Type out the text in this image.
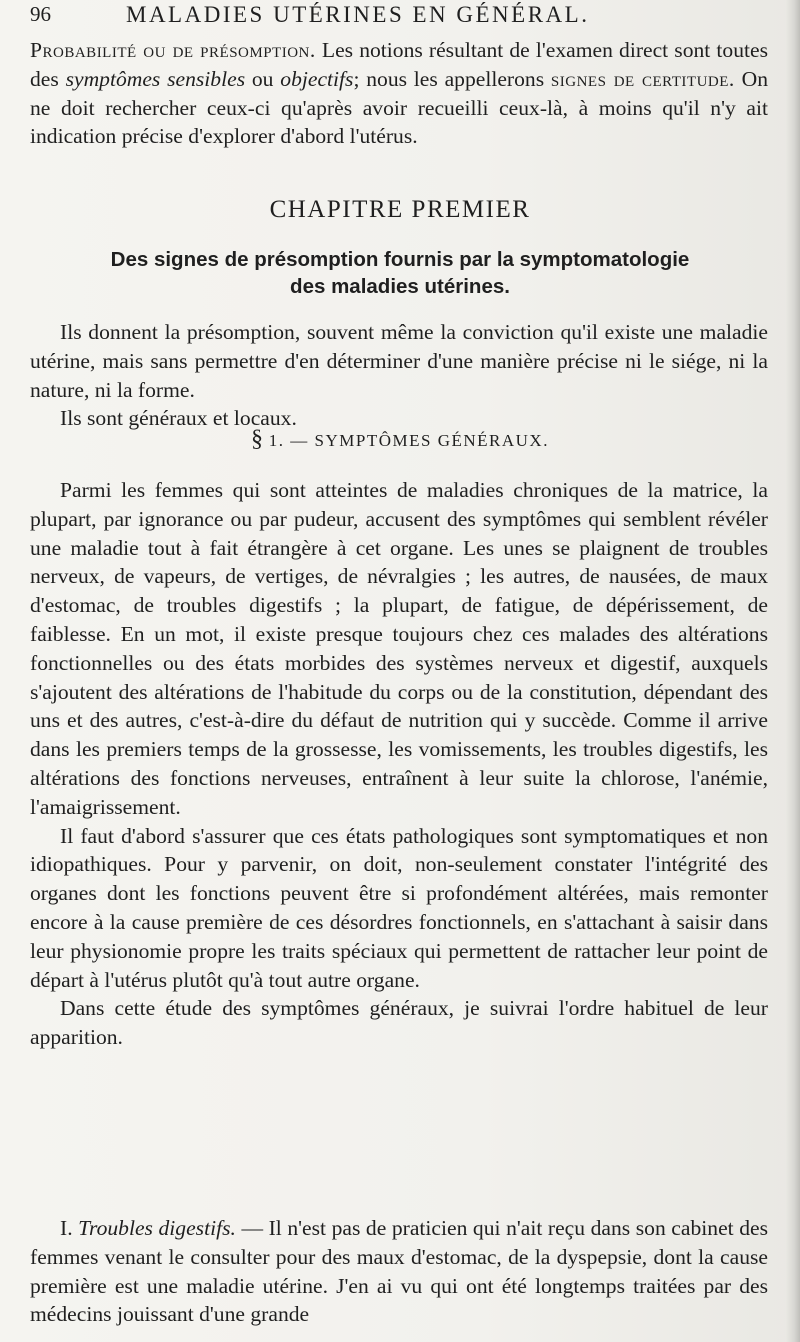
96	MALADIES UTÉRINES EN GÉNÉRAL.

Probabilité ou de présomption. Les notions résultant de l'examen direct sont toutes des symptômes sensibles ou objectifs; nous les appellerons signes de certitude. On ne doit rechercher ceux-ci qu'après avoir recueilli ceux-là, à moins qu'il n'y ait indication précise d'explorer d'abord l'utérus.

CHAPITRE PREMIER
Des signes de présomption fournis par la symptomatologie
des maladies utérines.

Ils donnent la présomption, souvent même la conviction qu'il existe une maladie utérine, mais sans permettre d'en déterminer d'une manière précise ni le siége, ni la nature, ni la forme.

Ils sont généraux et locaux.

§ 1. — SYMPTÔMES GÉNÉRAUX.

Parmi les femmes qui sont atteintes de maladies chroniques de la matrice, la plupart, par ignorance ou par pudeur, accusent des symptômes qui semblent révéler une maladie tout à fait étrangère à cet organe. Les unes se plaignent de troubles nerveux, de vapeurs, de vertiges, de névralgies ; les autres, de nausées, de maux d'estomac, de troubles digestifs ; la plupart, de fatigue, de dépérissement, de faiblesse. En un mot, il existe presque toujours chez ces malades des altérations fonctionnelles ou des états morbides des systèmes nerveux et digestif, auxquels s'ajoutent des altérations de l'habitude du corps ou de la constitution, dépendant des uns et des autres, c'est-à-dire du défaut de nutrition qui y succède. Comme il arrive dans les premiers temps de la grossesse, les vomissements, les troubles digestifs, les altérations des fonctions nerveuses, entraînent à leur suite la chlorose, l'anémie, l'amaigrissement.

Il faut d'abord s'assurer que ces états pathologiques sont symptomatiques et non idiopathiques. Pour y parvenir, on doit, non-seulement constater l'intégrité des organes dont les fonctions peuvent être si profondément altérées, mais remonter encore à la cause première de ces désordres fonctionnels, en s'attachant à saisir dans leur physionomie propre les traits spéciaux qui permettent de rattacher leur point de départ à l'utérus plutôt qu'à tout autre organe.

Dans cette étude des symptômes généraux, je suivrai l'ordre habituel de leur apparition.

I. Troubles digestifs. — Il n'est pas de praticien qui n'ait reçu dans son cabinet des femmes venant le consulter pour des maux d'estomac, de la dyspepsie, dont la cause première est une maladie utérine. J'en ai vu qui ont été longtemps traitées par des médecins jouissant d'une grande
